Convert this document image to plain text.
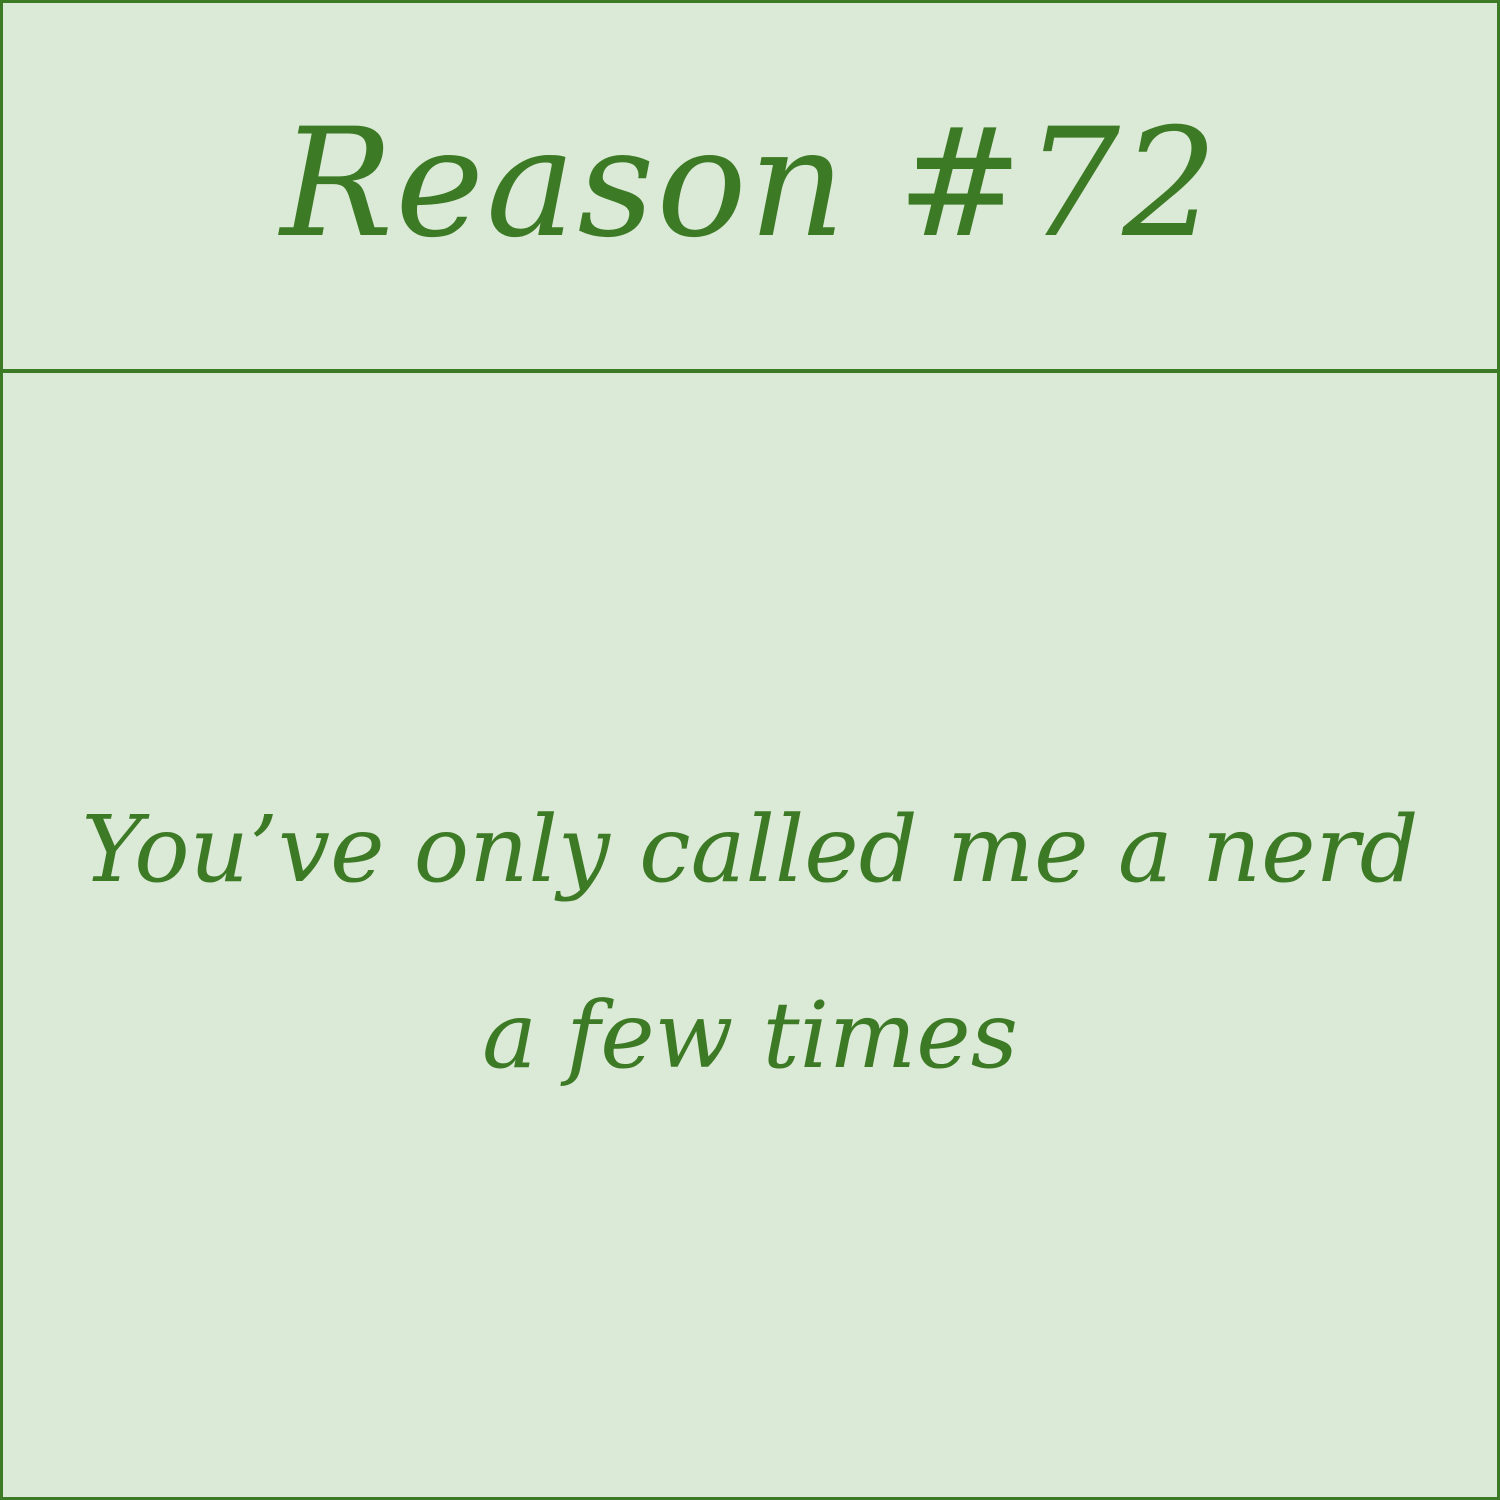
Reason #72
You’ve only called me a nerd
a few times
